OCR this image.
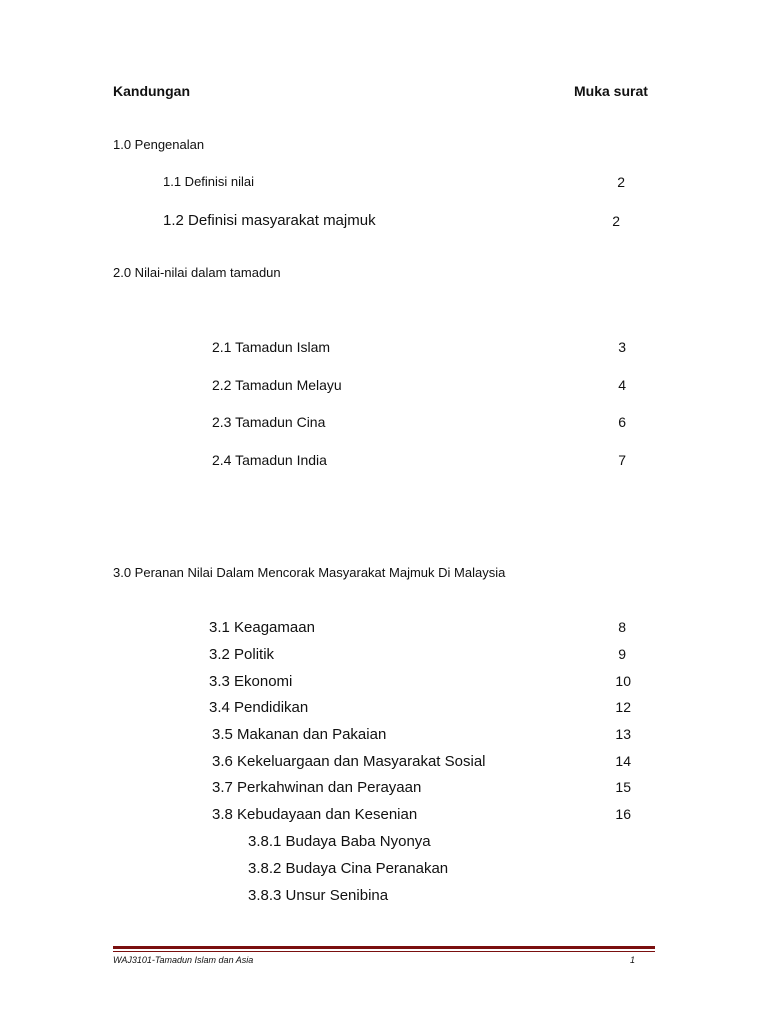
Kandungan	Muka surat
1.0 Pengenalan
1.1 Definisi nilai	2
1.2 Definisi masyarakat majmuk	2
2.0 Nilai-nilai dalam tamadun
2.1 Tamadun Islam	3
2.2 Tamadun Melayu	4
2.3 Tamadun Cina	6
2.4 Tamadun India	7
3.0 Peranan Nilai Dalam Mencorak Masyarakat Majmuk Di Malaysia
3.1 Keagamaan	8
3.2 Politik	9
3.3 Ekonomi	10
3.4 Pendidikan	12
3.5 Makanan dan Pakaian	13
3.6 Kekeluargaan dan Masyarakat Sosial	14
3.7 Perkahwinan dan Perayaan	15
3.8 Kebudayaan dan Kesenian	16
3.8.1 Budaya Baba Nyonya
3.8.2 Budaya Cina Peranakan
3.8.3 Unsur Senibina
WAJ3101-Tamadun Islam dan Asia	1
